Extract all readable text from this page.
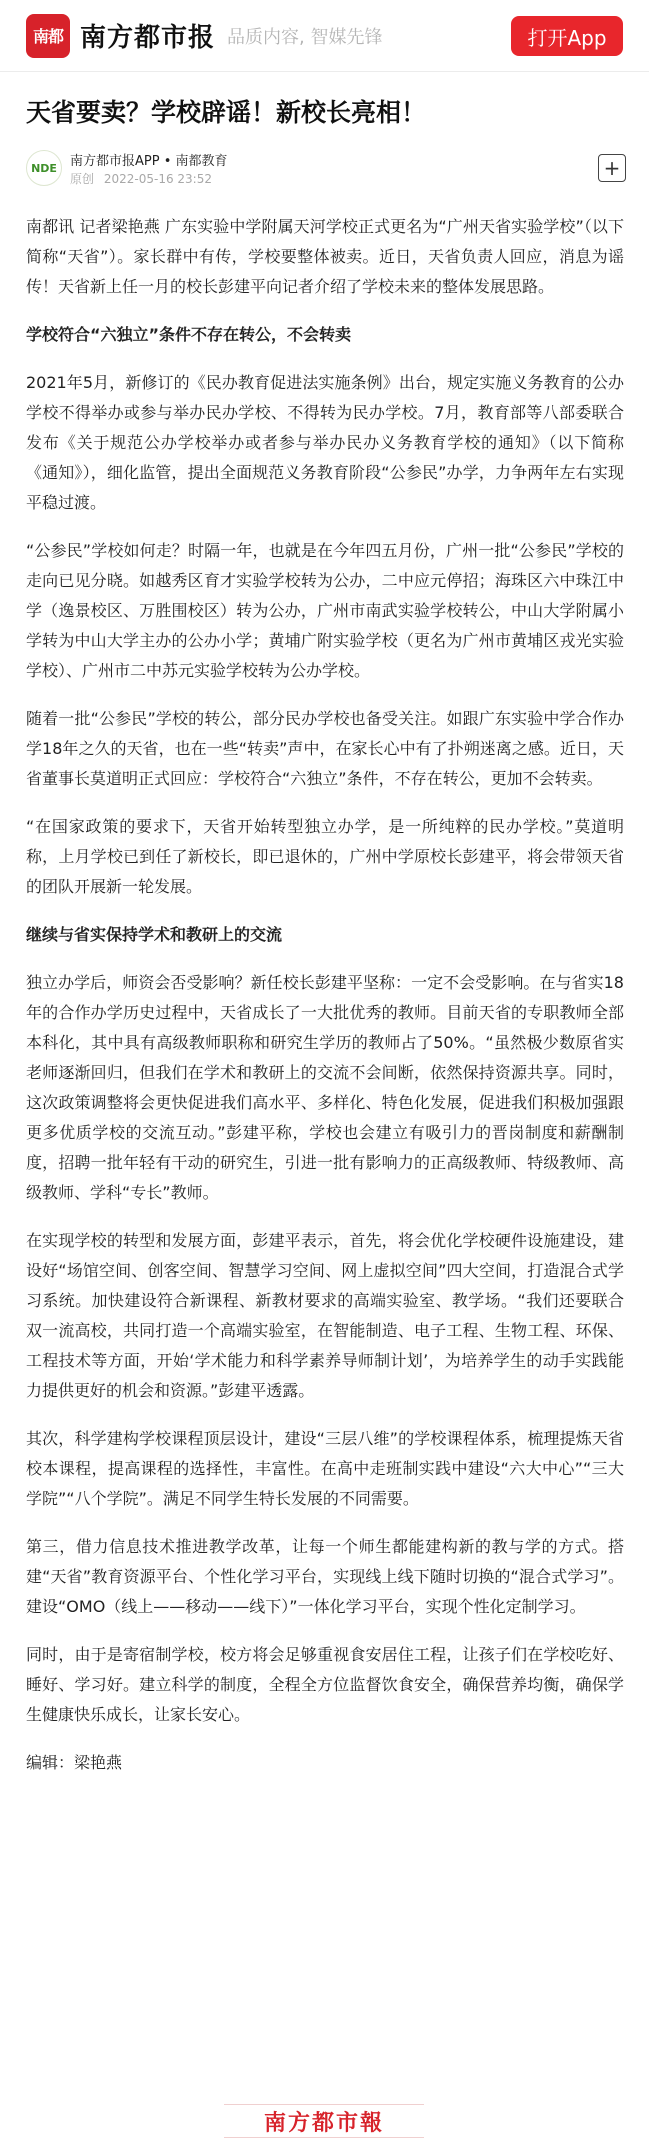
南都 南方都市报 品质内容, 智媒先锋	打开App
天省要卖？学校辟谣！新校长亮相！
NDE	南方都市报APP • 南都教育
原创 2022-05-16 23:52	+

南都讯 记者梁艳燕 广东实验中学附属天河学校正式更名为“广州天省实验学校”（以下简称“天省”）。家长群中有传，学校要整体被卖。近日，天省负责人回应，消息为谣传！天省新上任一月的校长彭建平向记者介绍了学校未来的整体发展思路。

学校符合“六独立”条件不存在转公，不会转卖

2021年5月，新修订的《民办教育促进法实施条例》出台，规定实施义务教育的公办学校不得举办或参与举办民办学校、不得转为民办学校。7月，教育部等八部委联合发布《关于规范公办学校举办或者参与举办民办义务教育学校的通知》（以下简称《通知》），细化监管，提出全面规范义务教育阶段“公参民”办学，力争两年左右实现平稳过渡。

“公参民”学校如何走？时隔一年，也就是在今年四五月份，广州一批“公参民”学校的走向已见分晓。如越秀区育才实验学校转为公办，二中应元停招；海珠区六中珠江中学（逸景校区、万胜围校区）转为公办，广州市南武实验学校转公，中山大学附属小学转为中山大学主办的公办小学；黄埔广附实验学校（更名为广州市黄埔区戎光实验学校）、广州市二中苏元实验学校转为公办学校。

随着一批“公参民”学校的转公，部分民办学校也备受关注。如跟广东实验中学合作办学18年之久的天省，也在一些“转卖”声中，在家长心中有了扑朔迷离之感。近日，天省董事长莫道明正式回应：学校符合“六独立”条件，不存在转公，更加不会转卖。

“在国家政策的要求下，天省开始转型独立办学，是一所纯粹的民办学校。”莫道明称，上月学校已到任了新校长，即已退休的，广州中学原校长彭建平，将会带领天省的团队开展新一轮发展。

继续与省实保持学术和教研上的交流

独立办学后，师资会否受影响？新任校长彭建平坚称：一定不会受影响。在与省实18年的合作办学历史过程中，天省成长了一大批优秀的教师。目前天省的专职教师全部本科化，其中具有高级教师职称和研究生学历的教师占了50%。“虽然极少数原省实老师逐渐回归，但我们在学术和教研上的交流不会间断，依然保持资源共享。同时，这次政策调整将会更快促进我们高水平、多样化、特色化发展，促进我们积极加强跟更多优质学校的交流互动。”彭建平称，学校也会建立有吸引力的晋岗制度和薪酬制度，招聘一批年轻有干动的研究生，引进一批有影响力的正高级教师、特级教师、高级教师、学科“专长”教师。

在实现学校的转型和发展方面，彭建平表示，首先，将会优化学校硬件设施建设，建设好“场馆空间、创客空间、智慧学习空间、网上虚拟空间”四大空间，打造混合式学习系统。加快建设符合新课程、新教材要求的高端实验室、教学场。“我们还要联合双一流高校，共同打造一个高端实验室，在智能制造、电子工程、生物工程、环保、工程技术等方面，开始‘学术能力和科学素养导师制计划’，为培养学生的动手实践能力提供更好的机会和资源。”彭建平透露。

其次，科学建构学校课程顶层设计，建设“三层八维”的学校课程体系，梳理提炼天省校本课程，提高课程的选择性，丰富性。在高中走班制实践中建设“六大中心”“三大学院”“八个学院”。满足不同学生特长发展的不同需要。

第三，借力信息技术推进教学改革，让每一个师生都能建构新的教与学的方式。搭建“天省”教育资源平台、个性化学习平台，实现线上线下随时切换的“混合式学习”。建设“OMO（线上——移动——线下）”一体化学习平台，实现个性化定制学习。

同时，由于是寄宿制学校，校方将会足够重视食安居住工程，让孩子们在学校吃好、睡好、学习好。建立科学的制度，全程全方位监督饮食安全，确保营养均衡，确保学生健康快乐成长，让家长安心。

编辑：梁艳燕

南方都市報
